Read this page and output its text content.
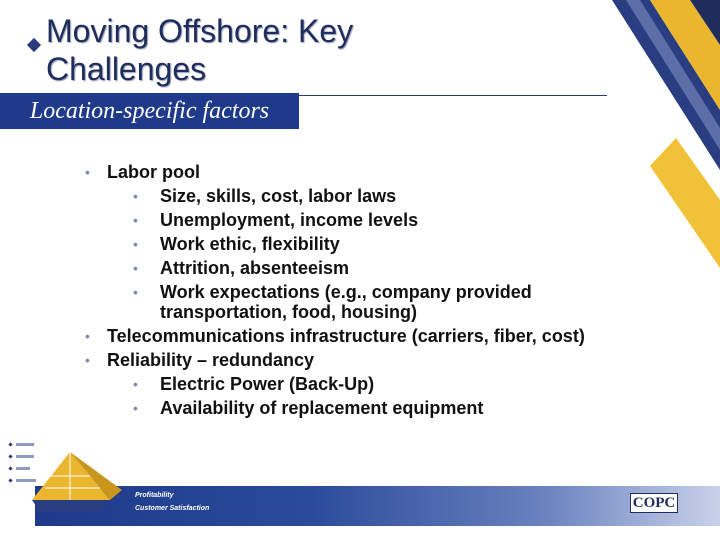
Moving Offshore: Key Challenges
Location-specific factors
• Labor pool
• Size, skills, cost, labor laws
• Unemployment, income levels
• Work ethic, flexibility
• Attrition, absenteeism
• Work expectations (e.g., company provided transportation, food, housing)
• Telecommunications infrastructure (carriers, fiber, cost)
• Reliability – redundancy
• Electric Power (Back-Up)
• Availability of replacement equipment
Profitability
Customer Satisfaction	COPC
